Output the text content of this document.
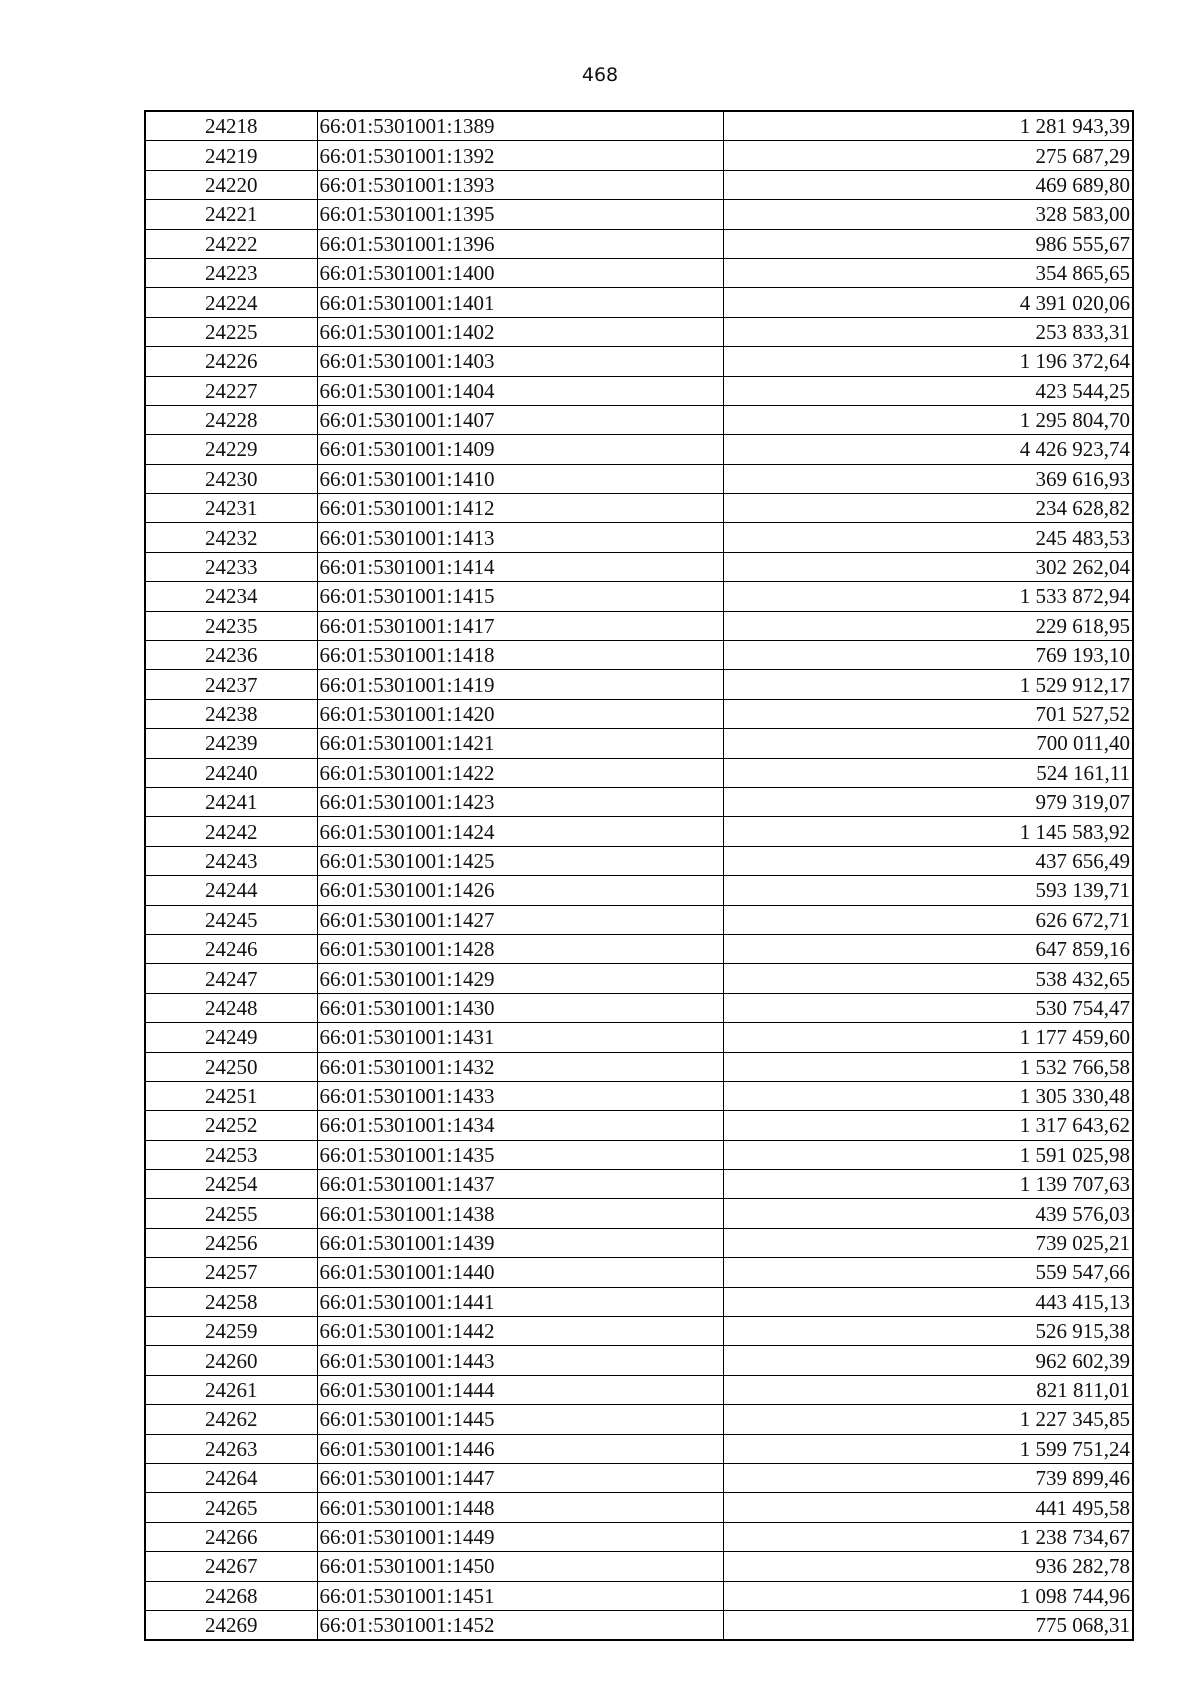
468
24218	66:01:5301001:1389	1 281 943,39
24219	66:01:5301001:1392	275 687,29
24220	66:01:5301001:1393	469 689,80
24221	66:01:5301001:1395	328 583,00
24222	66:01:5301001:1396	986 555,67
24223	66:01:5301001:1400	354 865,65
24224	66:01:5301001:1401	4 391 020,06
24225	66:01:5301001:1402	253 833,31
24226	66:01:5301001:1403	1 196 372,64
24227	66:01:5301001:1404	423 544,25
24228	66:01:5301001:1407	1 295 804,70
24229	66:01:5301001:1409	4 426 923,74
24230	66:01:5301001:1410	369 616,93
24231	66:01:5301001:1412	234 628,82
24232	66:01:5301001:1413	245 483,53
24233	66:01:5301001:1414	302 262,04
24234	66:01:5301001:1415	1 533 872,94
24235	66:01:5301001:1417	229 618,95
24236	66:01:5301001:1418	769 193,10
24237	66:01:5301001:1419	1 529 912,17
24238	66:01:5301001:1420	701 527,52
24239	66:01:5301001:1421	700 011,40
24240	66:01:5301001:1422	524 161,11
24241	66:01:5301001:1423	979 319,07
24242	66:01:5301001:1424	1 145 583,92
24243	66:01:5301001:1425	437 656,49
24244	66:01:5301001:1426	593 139,71
24245	66:01:5301001:1427	626 672,71
24246	66:01:5301001:1428	647 859,16
24247	66:01:5301001:1429	538 432,65
24248	66:01:5301001:1430	530 754,47
24249	66:01:5301001:1431	1 177 459,60
24250	66:01:5301001:1432	1 532 766,58
24251	66:01:5301001:1433	1 305 330,48
24252	66:01:5301001:1434	1 317 643,62
24253	66:01:5301001:1435	1 591 025,98
24254	66:01:5301001:1437	1 139 707,63
24255	66:01:5301001:1438	439 576,03
24256	66:01:5301001:1439	739 025,21
24257	66:01:5301001:1440	559 547,66
24258	66:01:5301001:1441	443 415,13
24259	66:01:5301001:1442	526 915,38
24260	66:01:5301001:1443	962 602,39
24261	66:01:5301001:1444	821 811,01
24262	66:01:5301001:1445	1 227 345,85
24263	66:01:5301001:1446	1 599 751,24
24264	66:01:5301001:1447	739 899,46
24265	66:01:5301001:1448	441 495,58
24266	66:01:5301001:1449	1 238 734,67
24267	66:01:5301001:1450	936 282,78
24268	66:01:5301001:1451	1 098 744,96
24269	66:01:5301001:1452	775 068,31
